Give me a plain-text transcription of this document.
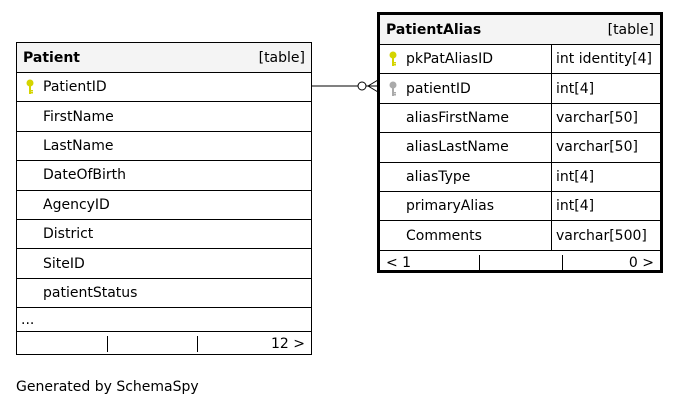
Patient	[table]
PatientID
FirstName
LastName
DateOfBirth
AgencyID
District
SiteID
patientStatus
...
12 >
PatientAlias	[table]
pkPatAliasID	int identity[4]
patientID	int[4]
aliasFirstName	varchar[50]
aliasLastName	varchar[50]
aliasType	int[4]
primaryAlias	int[4]
Comments	varchar[500]
< 1	0 >
Generated by SchemaSpy
